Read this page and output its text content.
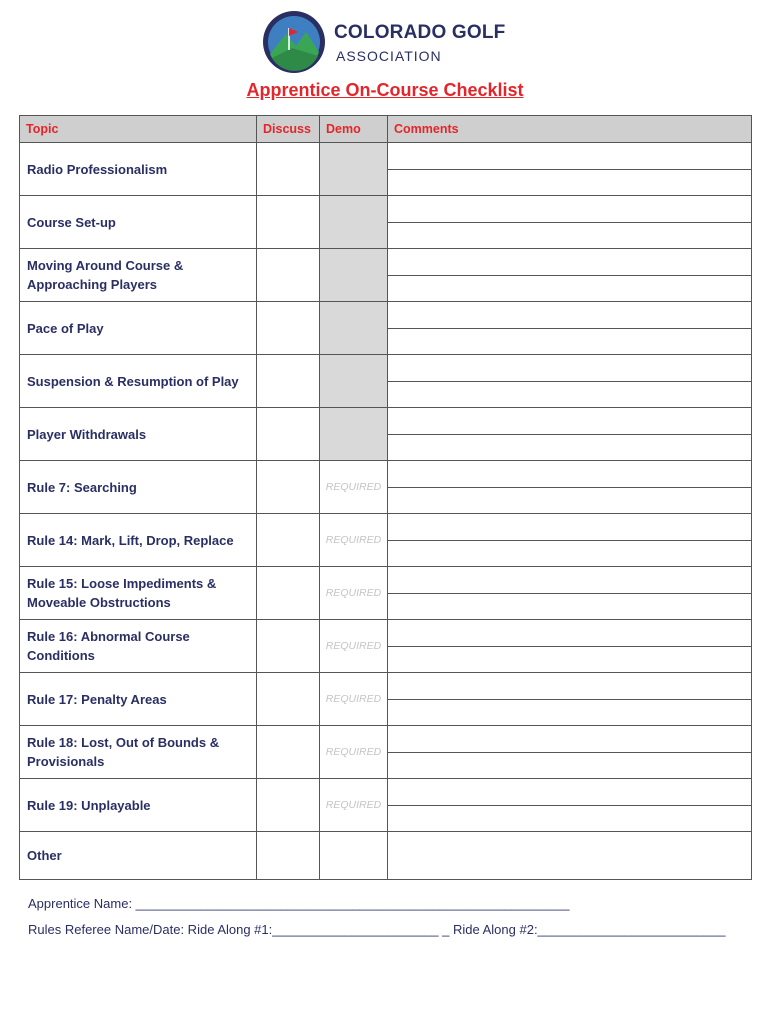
COLORADO GOLF
ASSOCIATION
Apprentice On-Course Checklist
Topic	Discuss	Demo	Comments

Radio Professionalism			

Course Set-up			

Moving Around Course &
Approaching Players			

Pace of Play			

Suspension & Resumption of Play			

Player Withdrawals			

Rule 7: Searching		REQUIRED	

Rule 14: Mark, Lift, Drop, Replace		REQUIRED	

Rule 15: Loose Impediments &
Moveable Obstructions		REQUIRED	

Rule 16: Abnormal Course
Conditions		REQUIRED	

Rule 17: Penalty Areas		REQUIRED	

Rule 18: Lost, Out of Bounds &
Provisionals		REQUIRED	

Rule 19: Unplayable		REQUIRED	

Other			
Apprentice Name: ____________________________________________________________
Rules Referee Name/Date: Ride Along #1:_______________________ _ Ride Along #2:__________________________
